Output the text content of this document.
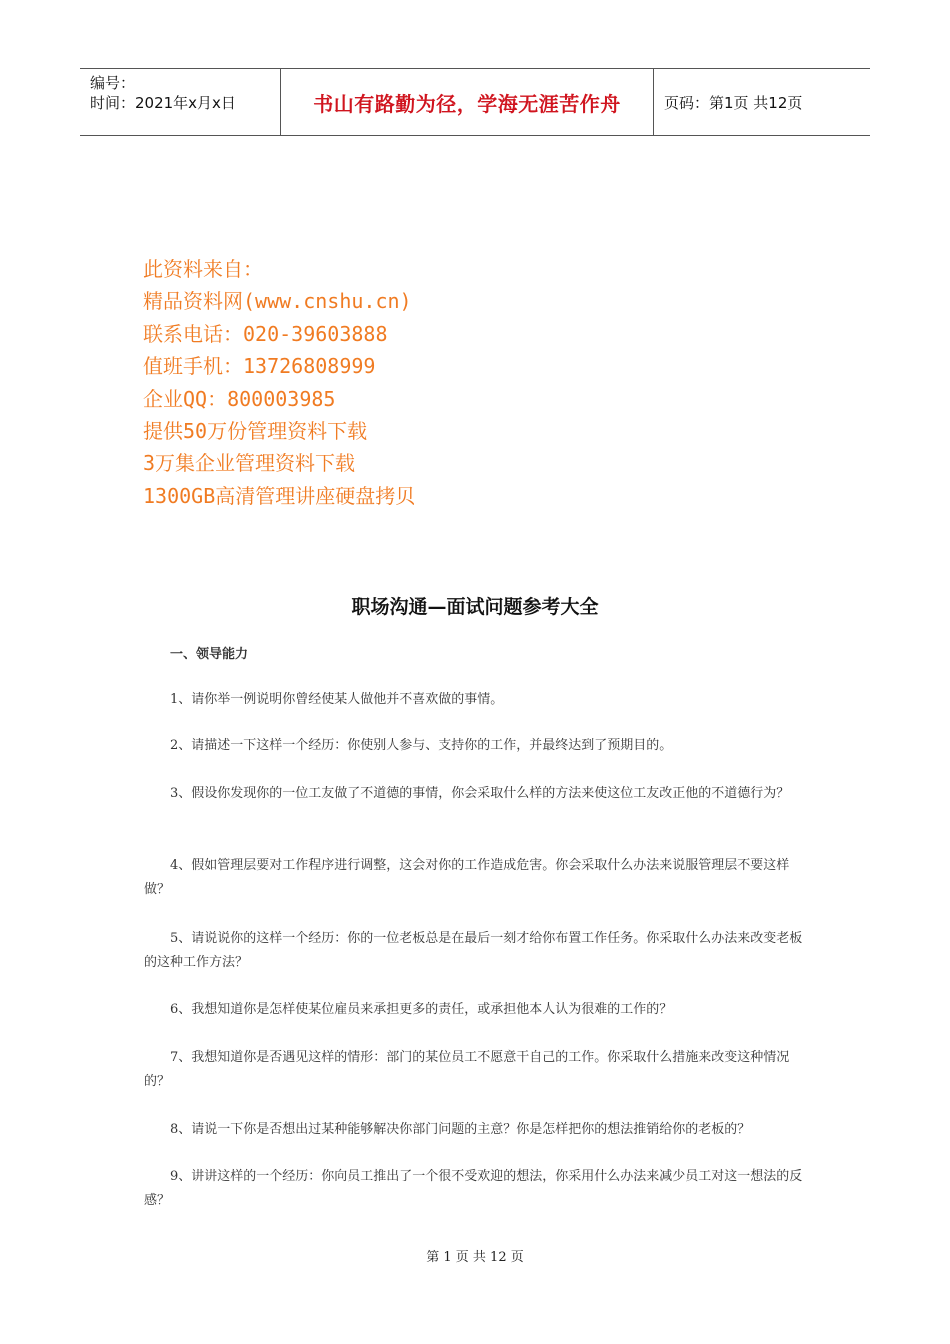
编号：
时间：2021年x月x日	书山有路勤为径，学海无涯苦作舟	页码：第1页 共12页
此资料来自：
精品资料网(www.cnshu.cn)
联系电话：020-39603888
值班手机：13726808999
企业QQ：800003985
提供50万份管理资料下载
3万集企业管理资料下载
1300GB高清管理讲座硬盘拷贝
职场沟通—面试问题参考大全
一、领导能力
1、请你举一例说明你曾经使某人做他并不喜欢做的事情。
2、请描述一下这样一个经历：你使别人参与、支持你的工作，并最终达到了预期目的。
3、假设你发现你的一位工友做了不道德的事情，你会采取什么样的方法来使这位工友改正他的不道德行为？
4、假如管理层要对工作程序进行调整，这会对你的工作造成危害。你会采取什么办法来说服管理层不要这样做？
5、请说说你的这样一个经历：你的一位老板总是在最后一刻才给你布置工作任务。你采取什么办法来改变老板的这种工作方法？
6、我想知道你是怎样使某位雇员来承担更多的责任，或承担他本人认为很难的工作的？
7、我想知道你是否遇见这样的情形：部门的某位员工不愿意干自己的工作。你采取什么措施来改变这种情况的？
8、请说一下你是否想出过某种能够解决你部门问题的主意？你是怎样把你的想法推销给你的老板的？
9、讲讲这样的一个经历：你向员工推出了一个很不受欢迎的想法，你采用什么办法来减少员工对这一想法的反感？
第 1 页 共 12 页
